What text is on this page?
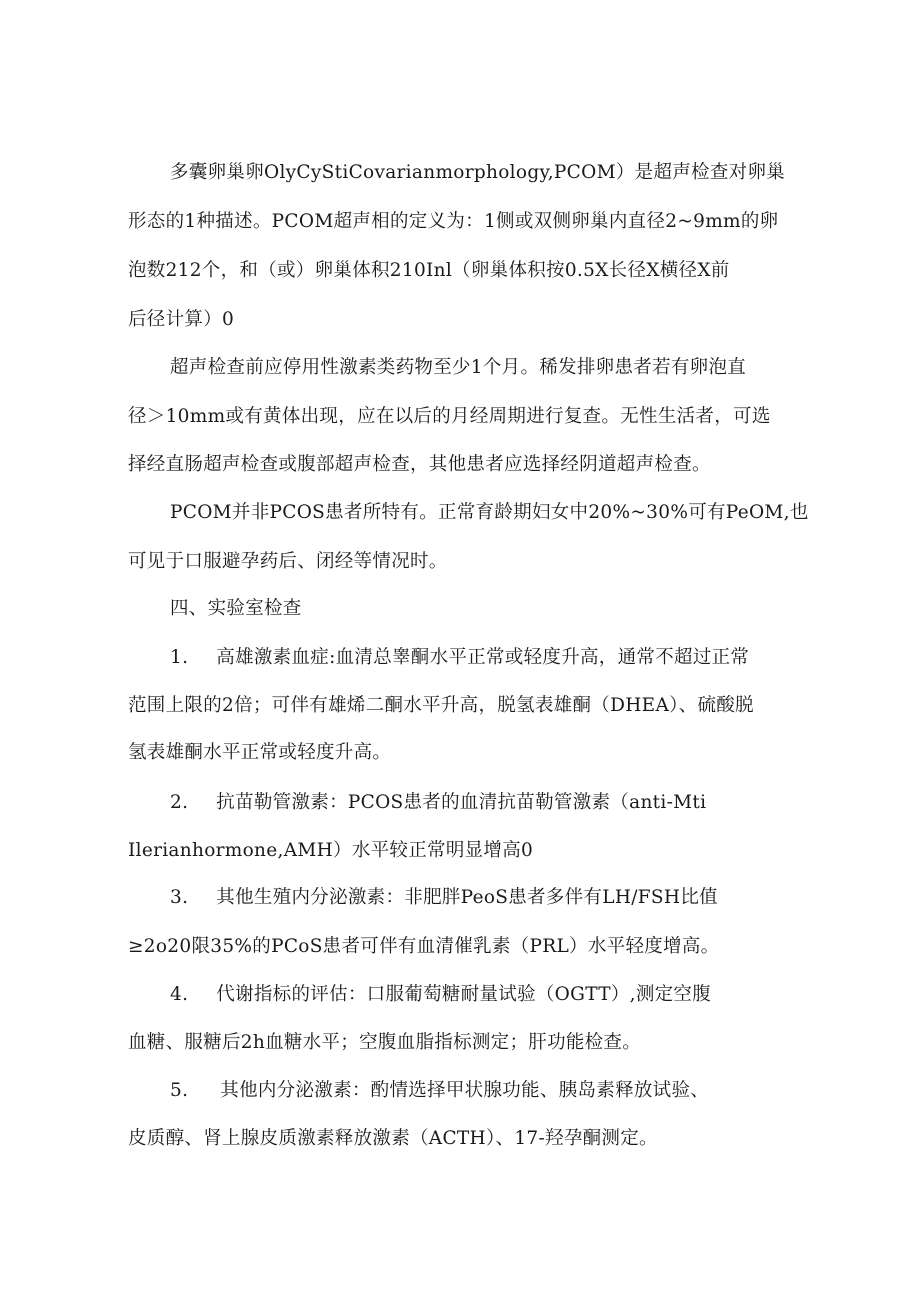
多囊卵巢卵OlyCyStiCovarianmorphology,PCOM）是超声检查对卵巢

形态的1种描述。PCOM超声相的定义为：1侧或双侧卵巢内直径2~9mm的卵

泡数212个，和（或）卵巢体积210Inl（卵巢体积按0.5X长径X横径X前

后径计算）0

超声检查前应停用性激素类药物至少1个月。稀发排卵患者若有卵泡直

径＞10mm或有黄体出现，应在以后的月经周期进行复查。无性生活者，可选

择经直肠超声检查或腹部超声检查，其他患者应选择经阴道超声检查。

PCOM并非PCOS患者所特有。正常育龄期妇女中20%~30%可有PeOM,也

可见于口服避孕药后、闭经等情况时。

四、实验室检查

1. 高雄激素血症:血清总睾酮水平正常或轻度升高，通常不超过正常

范围上限的2倍；可伴有雄烯二酮水平升高，脱氢表雄酮（DHEA）、硫酸脱

氢表雄酮水平正常或轻度升高。

2. 抗苗勒管激素：PCOS患者的血清抗苗勒管激素（anti-Mti

Ilerianhormone,AMH）水平较正常明显增高0

3. 其他生殖内分泌激素：非肥胖PeoS患者多伴有LH/FSH比值

≥2o20限35%的PCoS患者可伴有血清催乳素（PRL）水平轻度增高。

4. 代谢指标的评估：口服葡萄糖耐量试验（OGTT）,测定空腹

血糖、服糖后2h血糖水平；空腹血脂指标测定；肝功能检查。

5. 其他内分泌激素：酌情选择甲状腺功能、胰岛素释放试验、

皮质醇、肾上腺皮质激素释放激素（ACTH）、17-羟孕酮测定。
